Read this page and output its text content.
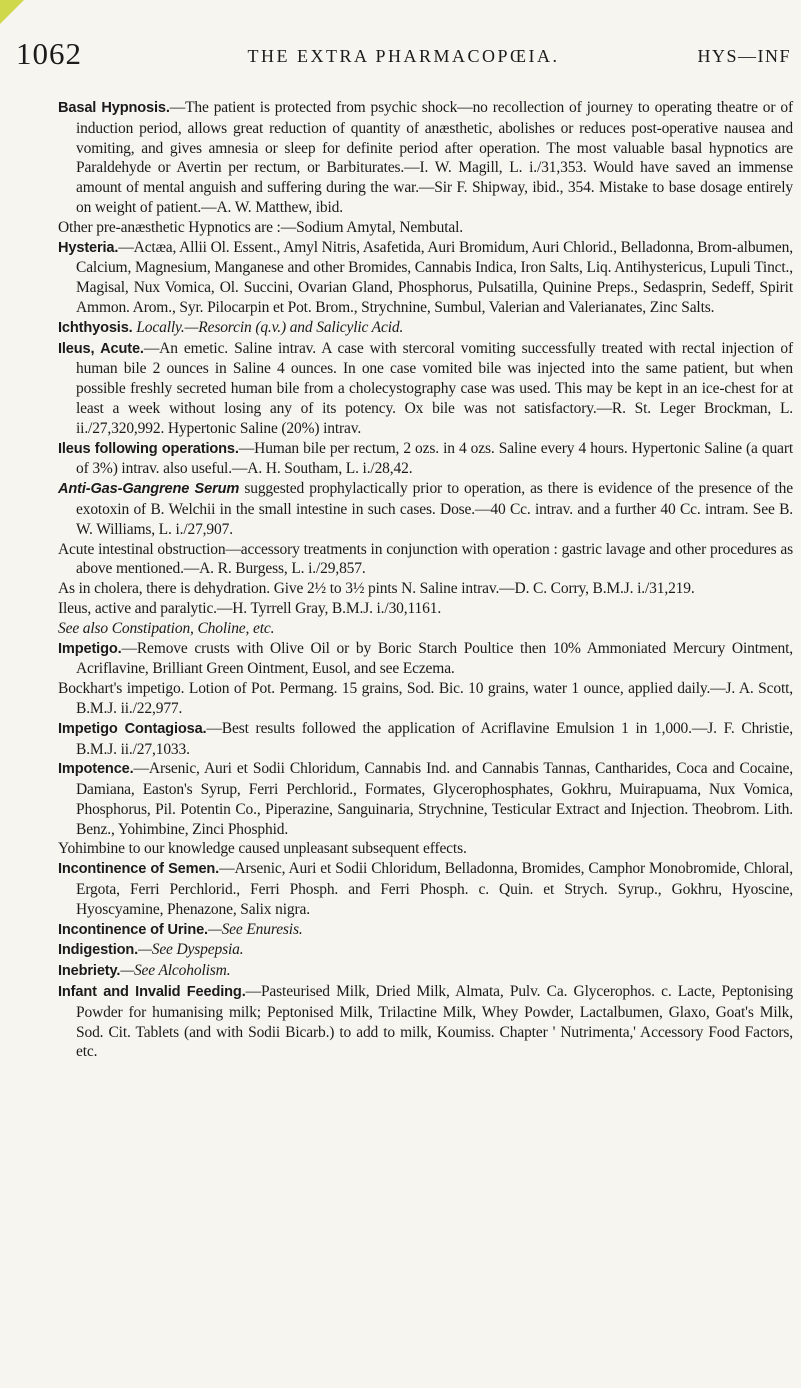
1062	THE EXTRA PHARMACOPŒIA.	HYS—INF

Basal Hypnosis.—The patient is protected from psychic shock—no recollection of journey to operating theatre or of induction period, allows great reduction of quantity of anæsthetic, abolishes or reduces post-operative nausea and vomiting, and gives amnesia or sleep for definite period after operation. The most valuable basal hypnotics are Paraldehyde or Avertin per rectum, or Barbiturates.—I. W. Magill, L. i./31,353. Would have saved an immense amount of mental anguish and suffering during the war.—Sir F. Shipway, ibid., 354. Mistake to base dosage entirely on weight of patient.—A. W. Matthew, ibid.

Other pre-anæsthetic Hypnotics are :—Sodium Amytal, Nembutal.

Hysteria.—Actæa, Allii Ol. Essent., Amyl Nitris, Asafetida, Auri Bromidum, Auri Chlorid., Belladonna, Brom-albumen, Calcium, Magnesium, Manganese and other Bromides, Cannabis Indica, Iron Salts, Liq. Antihystericus, Lupuli Tinct., Magisal, Nux Vomica, Ol. Succini, Ovarian Gland, Phosphorus, Pulsatilla, Quinine Preps., Sedasprin, Sedeff, Spirit Ammon. Arom., Syr. Pilocarpin et Pot. Brom., Strychnine, Sumbul, Valerian and Valerianates, Zinc Salts.

Ichthyosis. Locally.—Resorcin (q.v.) and Salicylic Acid.

Ileus, Acute.—An emetic. Saline intrav. A case with stercoral vomiting successfully treated with rectal injection of human bile 2 ounces in Saline 4 ounces. In one case vomited bile was injected into the same patient, but when possible freshly secreted human bile from a cholecystography case was used. This may be kept in an ice-chest for at least a week without losing any of its potency. Ox bile was not satisfactory.—R. St. Leger Brockman, L. ii./27,320,992. Hypertonic Saline (20%) intrav.

Ileus following operations.—Human bile per rectum, 2 ozs. in 4 ozs. Saline every 4 hours. Hypertonic Saline (a quart of 3%) intrav. also useful.—A. H. Southam, L. i./28,42.

Anti-Gas-Gangrene Serum suggested prophylactically prior to operation, as there is evidence of the presence of the exotoxin of B. Welchii in the small intestine in such cases. Dose.—40 Cc. intrav. and a further 40 Cc. intram. See B. W. Williams, L. i./27,907.

Acute intestinal obstruction—accessory treatments in conjunction with operation : gastric lavage and other procedures as above mentioned.—A. R. Burgess, L. i./29,857.

As in cholera, there is dehydration. Give 2½ to 3½ pints N. Saline intrav.—D. C. Corry, B.M.J. i./31,219.

Ileus, active and paralytic.—H. Tyrrell Gray, B.M.J. i./30,1161.

See also Constipation, Choline, etc.

Impetigo.—Remove crusts with Olive Oil or by Boric Starch Poultice then 10% Ammoniated Mercury Ointment, Acriflavine, Brilliant Green Ointment, Eusol, and see Eczema.

Bockhart's impetigo. Lotion of Pot. Permang. 15 grains, Sod. Bic. 10 grains, water 1 ounce, applied daily.—J. A. Scott, B.M.J. ii./22,977.

Impetigo Contagiosa.—Best results followed the application of Acriflavine Emulsion 1 in 1,000.—J. F. Christie, B.M.J. ii./27,1033.

Impotence.—Arsenic, Auri et Sodii Chloridum, Cannabis Ind. and Cannabis Tannas, Cantharides, Coca and Cocaine, Damiana, Easton's Syrup, Ferri Perchlorid., Formates, Glycerophosphates, Gokhru, Muirapuama, Nux Vomica, Phosphorus, Pil. Potentin Co., Piperazine, Sanguinaria, Strychnine, Testicular Extract and Injection. Theobrom. Lith. Benz., Yohimbine, Zinci Phosphid.

Yohimbine to our knowledge caused unpleasant subsequent effects.

Incontinence of Semen.—Arsenic, Auri et Sodii Chloridum, Belladonna, Bromides, Camphor Monobromide, Chloral, Ergota, Ferri Perchlorid., Ferri Phosph. and Ferri Phosph. c. Quin. et Strych. Syrup., Gokhru, Hyoscine, Hyoscyamine, Phenazone, Salix nigra.

Incontinence of Urine.—See Enuresis.

Indigestion.—See Dyspepsia.

Inebriety.—See Alcoholism.

Infant and Invalid Feeding.—Pasteurised Milk, Dried Milk, Almata, Pulv. Ca. Glycerophos. c. Lacte, Peptonising Powder for humanising milk; Peptonised Milk, Trilactine Milk, Whey Powder, Lactalbumen, Glaxo, Goat's Milk, Sod. Cit. Tablets (and with Sodii Bicarb.) to add to milk, Koumiss. Chapter ' Nutrimenta,' Accessory Food Factors, etc.
